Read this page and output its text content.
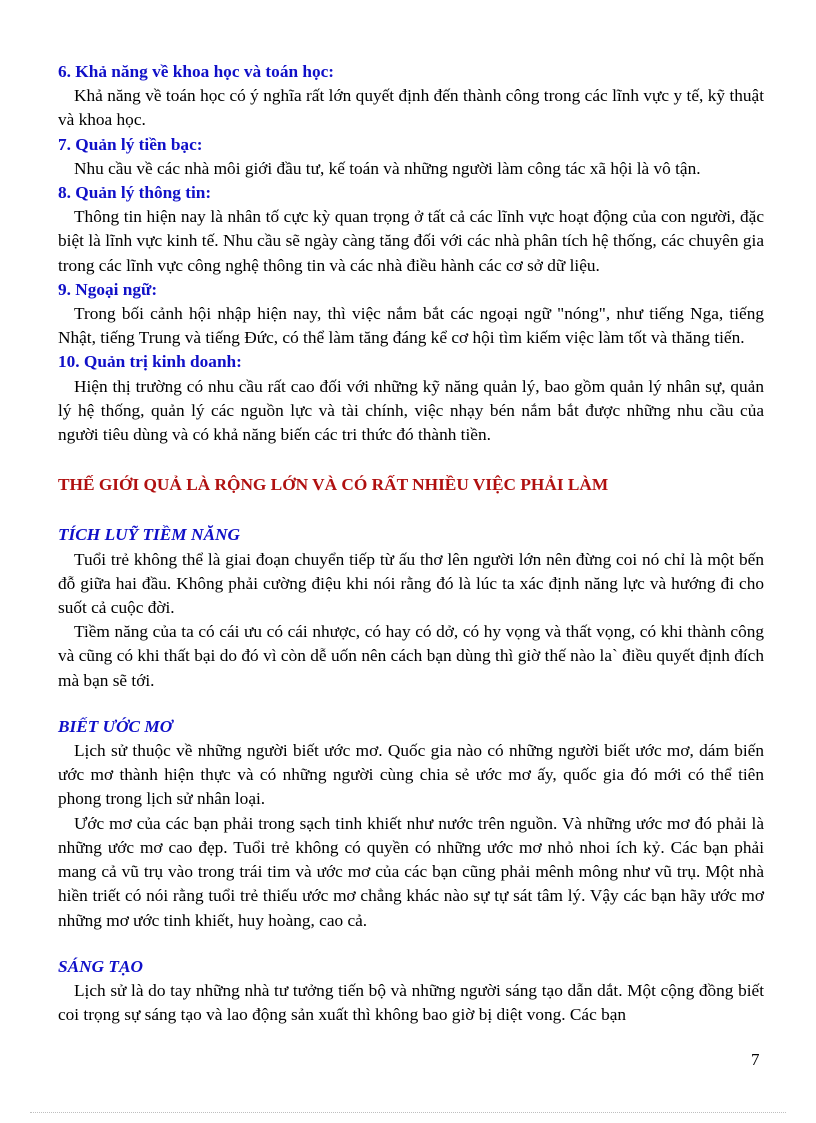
6. Khả năng về khoa học và toán học:

Khả năng về toán học có ý nghĩa rất lớn quyết định đến thành công trong các lĩnh vực y tế, kỹ thuật và khoa học.

7. Quản lý tiền bạc:

Nhu cầu về các nhà môi giới đầu tư, kế toán và những người làm công tác xã hội là vô tận.

8. Quản lý thông tin:

Thông tin hiện nay là nhân tố cực kỳ quan trọng ở tất cả các lĩnh vực hoạt động của con người, đặc biệt là lĩnh vực kinh tế. Nhu cầu sẽ ngày càng tăng đối với các nhà phân tích hệ thống, các chuyên gia trong các lĩnh vực công nghệ thông tin và các nhà điều hành các cơ sở dữ liệu.

9. Ngoại ngữ:

Trong bối cảnh hội nhập hiện nay, thì việc nắm bắt các ngoại ngữ "nóng", như tiếng Nga, tiếng Nhật, tiếng Trung và tiếng Đức, có thể làm tăng đáng kể cơ hội tìm kiếm việc làm tốt và thăng tiến.

10. Quản trị kinh doanh:

Hiện thị trường có nhu cầu rất cao đối với những kỹ năng quản lý, bao gồm quản lý nhân sự, quản lý hệ thống, quản lý các nguồn lực và tài chính, việc nhạy bén nắm bắt được những nhu cầu của người tiêu dùng và có khả năng biến các tri thức đó thành tiền.

THẾ GIỚI QUẢ LÀ RỘNG LỚN VÀ CÓ RẤT NHIỀU VIỆC PHẢI LÀM

TÍCH LUỸ TIỀM NĂNG

Tuổi trẻ không thể là giai đoạn chuyển tiếp từ ấu thơ lên người lớn nên đừng coi nó chỉ là một bến đỗ giữa hai đầu. Không phải cường điệu khi nói rằng đó là lúc ta xác định năng lực và hướng đi cho suốt cả cuộc đời.

Tiềm năng của ta có cái ưu có cái nhược, có hay có dở, có hy vọng và thất vọng, có khi thành công và cũng có khi thất bại do đó vì còn dễ uốn nên cách bạn dùng thì giờ thế nào la` điều quyết định đích mà bạn sẽ tới.

BIẾT ƯỚC MƠ

Lịch sử thuộc về những người biết ước mơ. Quốc gia nào có những người biết ước mơ, dám biến ước mơ thành hiện thực và có những người cùng chia sẻ ước mơ ấy, quốc gia đó mới có thể tiên phong trong lịch sử nhân loại.

Ước mơ của các bạn phải trong sạch tinh khiết như nước trên nguồn. Và những ước mơ đó phải là những ước mơ cao đẹp. Tuổi trẻ không có quyền có những ước mơ nhỏ nhoi ích kỷ. Các bạn phải mang cả vũ trụ vào trong trái tim và ước mơ của các bạn cũng phải mênh mông như vũ trụ. Một nhà hiền triết có nói rằng tuổi trẻ thiếu ước mơ chẳng khác nào sự tự sát tâm lý. Vậy các bạn hãy ước mơ những mơ ước tinh khiết, huy hoàng, cao cả.

SÁNG TẠO

Lịch sử là do tay những nhà tư tưởng tiến bộ và những người sáng tạo dẫn dắt. Một cộng đồng biết coi trọng sự sáng tạo và lao động sản xuất thì không bao giờ bị diệt vong. Các bạn

7
